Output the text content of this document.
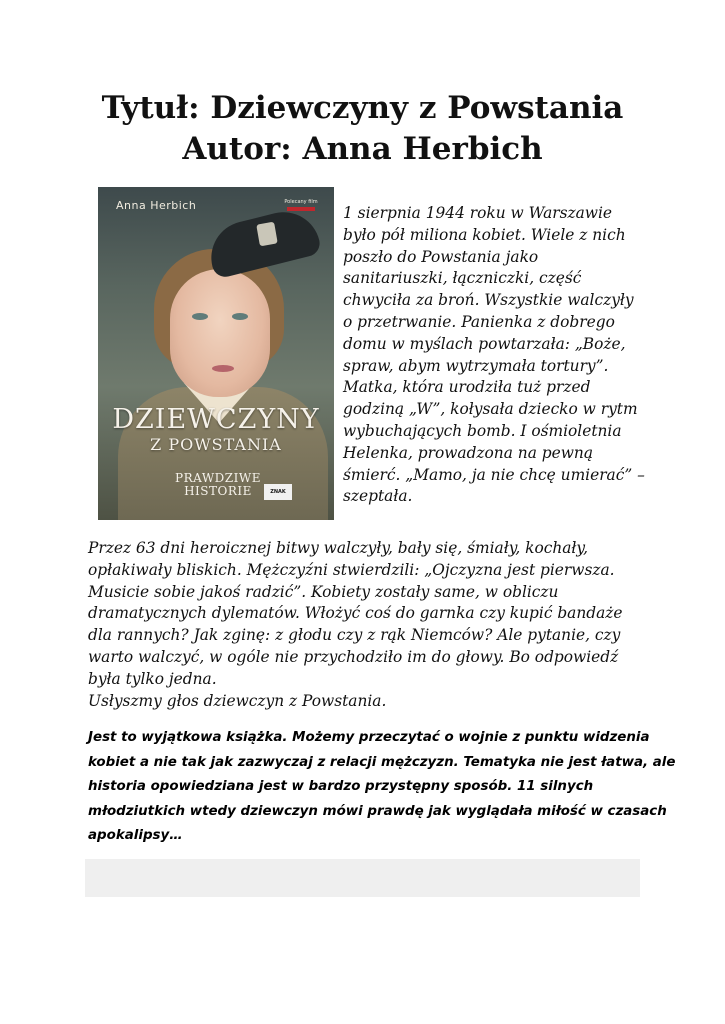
Tytuł: Dziewczyny z Powstania
Autor: Anna Herbich
Anna Herbich	Polecany film
DZIEWCZYNY
Z POWSTANIA
PRAWDZIWE
HISTORIE	ZNAK
1 sierpnia 1944 roku w Warszawie
było pół miliona kobiet. Wiele z nich
poszło do Powstania jako
sanitariuszki, łączniczki, część
chwyciła za broń. Wszystkie walczyły
o przetrwanie. Panienka z dobrego
domu w myślach powtarzała: „Boże,
spraw, abym wytrzymała tortury”.
Matka, która urodziła tuż przed
godziną „W”, kołysała dziecko w rytm
wybuchających bomb. I ośmioletnia
Helenka, prowadzona na pewną
śmierć. „Mamo, ja nie chcę umierać” –
szeptała.
Przez 63 dni heroicznej bitwy walczyły, bały się, śmiały, kochały,
opłakiwały bliskich. Mężczyźni stwierdzili: „Ojczyzna jest pierwsza.
Musicie sobie jakoś radzić”. Kobiety zostały same, w obliczu
dramatycznych dylematów. Włożyć coś do garnka czy kupić bandaże
dla rannych? Jak zginę: z głodu czy z rąk Niemców? Ale pytanie, czy
warto walczyć, w ogóle nie przychodziło im do głowy. Bo odpowiedź
była tylko jedna.
Usłyszmy głos dziewczyn z Powstania.
Jest to wyjątkowa książka. Możemy przeczytać o wojnie z punktu widzenia
kobiet a nie tak jak zazwyczaj z relacji mężczyzn. Tematyka nie jest łatwa, ale
historia opowiedziana jest w bardzo przystępny sposób. 11 silnych
młodziutkich wtedy dziewczyn mówi prawdę jak wyglądała miłość w czasach
apokalipsy…
